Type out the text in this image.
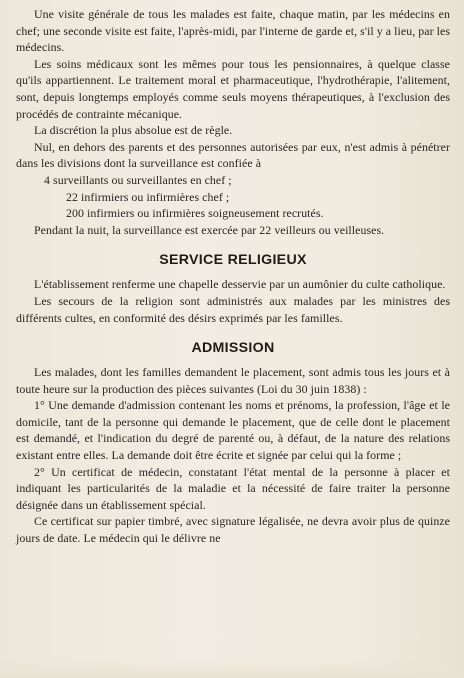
Une visite générale de tous les malades est faite, chaque matin, par les médecins en chef; une seconde visite est faite, l'après-midi, par l'interne de garde et, s'il y a lieu, par les médecins.

Les soins médicaux sont les mêmes pour tous les pensionnaires, à quelque classe qu'ils appartiennent. Le traitement moral et pharmaceutique, l'hydrothérapie, l'alitement, sont, depuis longtemps employés comme seuls moyens thérapeutiques, à l'exclusion des procédés de contrainte mécanique.

La discrétion la plus absolue est de règle.

Nul, en dehors des parents et des personnes autorisées par eux, n'est admis à pénétrer dans les divisions dont la surveillance est confiée à

4 surveillants ou surveillantes en chef ;

22 infirmiers ou infirmières chef ;

200 infirmiers ou infirmières soigneusement recrutés.

Pendant la nuit, la surveillance est exercée par 22 veilleurs ou veilleuses.

SERVICE RELIGIEUX

L'établissement renferme une chapelle desservie par un aumônier du culte catholique.

Les secours de la religion sont administrés aux malades par les ministres des différents cultes, en conformité des désirs exprimés par les familles.

ADMISSION

Les malades, dont les familles demandent le placement, sont admis tous les jours et à toute heure sur la production des pièces suivantes (Loi du 30 juin 1838) :

1° Une demande d'admission contenant les noms et prénoms, la profession, l'âge et le domicile, tant de la personne qui demande le placement, que de celle dont le placement est demandé, et l'indication du degré de parenté ou, à défaut, de la nature des relations existant entre elles. La demande doit être écrite et signée par celui qui la forme ;

2° Un certificat de médecin, constatant l'état mental de la personne à placer et indiquant les particularités de la maladie et la nécessité de faire traiter la personne désignée dans un établissement spécial.

Ce certificat sur papier timbré, avec signature légalisée, ne devra avoir plus de quinze jours de date. Le médecin qui le délivre ne
